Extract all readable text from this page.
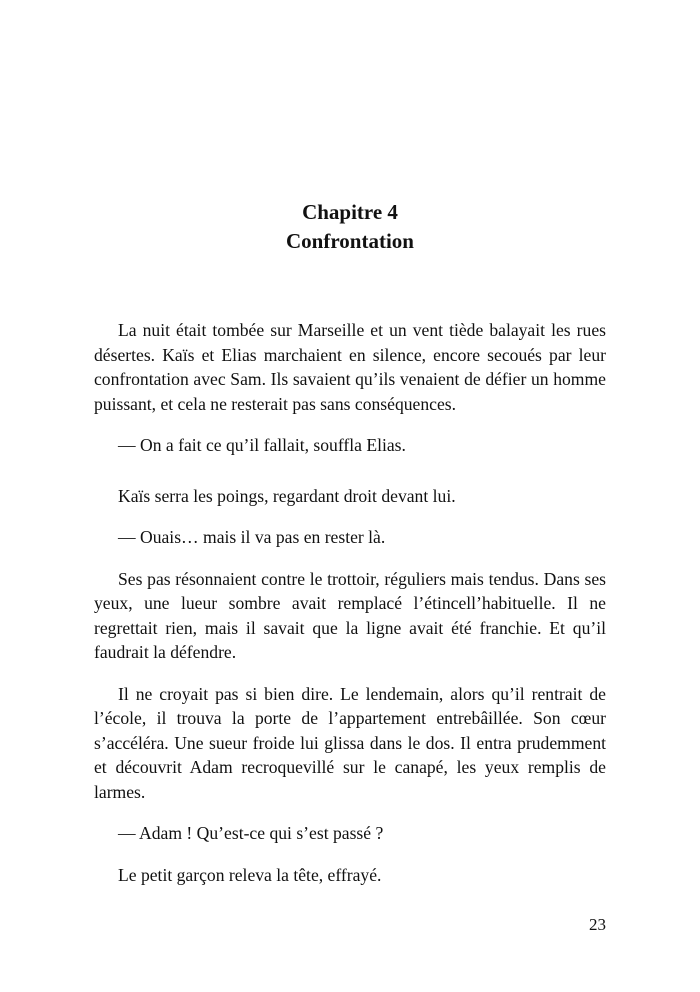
Chapitre 4
Confrontation

La nuit était tombée sur Marseille et un vent tiède balayait les rues désertes. Kaïs et Elias marchaient en silence, encore secoués par leur confrontation avec Sam. Ils savaient qu’ils venaient de défier un homme puissant, et cela ne resterait pas sans conséquences.

— On a fait ce qu’il fallait, souffla Elias.

Kaïs serra les poings, regardant droit devant lui.

— Ouais… mais il va pas en rester là.

Ses pas résonnaient contre le trottoir, réguliers mais tendus. Dans ses yeux, une lueur sombre avait remplacé l’étincell’habituelle. Il ne regrettait rien, mais il savait que la ligne avait été franchie. Et qu’il faudrait la défendre.

Il ne croyait pas si bien dire. Le lendemain, alors qu’il rentrait de l’école, il trouva la porte de l’appartement entrebâillée. Son cœur s’accéléra. Une sueur froide lui glissa dans le dos. Il entra prudemment et découvrit Adam recroquevillé sur le canapé, les yeux remplis de larmes.

— Adam ! Qu’est-ce qui s’est passé ?

Le petit garçon releva la tête, effrayé.

23
